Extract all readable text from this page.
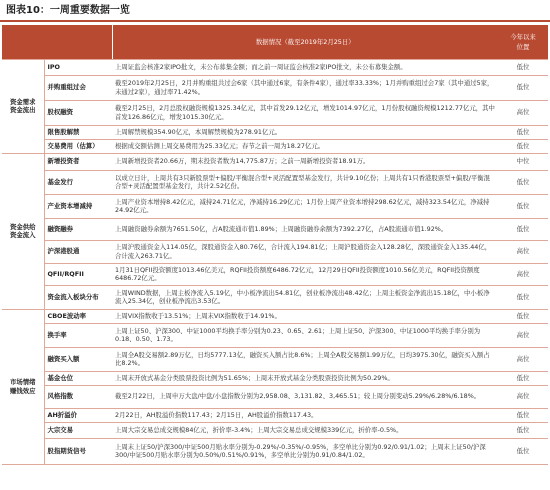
图表10：一周重要数据一览
		数据情况（截至2019年2月25日）	今年以来
位置
资金需求
资金流出	IPO	上周证监会核准2家IPO批文，未公布募集金额；而之前一周证监会核准2家IPO批文，未公布募集金额。	低位
	并购重组过会	截至2019年2月25日，2月并购重组共过会6家（其中通过6家，有条件4家），通过率33.33%；1月并购重组过会7家（其中通过5家，未通过2家），通过率71.42%。	低位
	股权融资	截至2月25日，2月总股权融资规模1325.34亿元，其中首发29.12亿元，增发1014.97亿元，1月份股权融资规模1212.77亿元，其中首发126.86亿元，增发1015.30亿元。	高位
	限售股解禁	上周解禁规模354.90亿元，本周解禁规模为278.91亿元。	低位
	交易费用（估算）	根据成交额估测上周交易费用为25.33亿元；春节之前一周为18.27亿元。	低位
资金供给
资金流入	新增投资者	上周新增投资者20.66万，期末投资者数为14,775.87万；之前一周新增投资者18.91万。	中位
	基金发行	以成立日计，上周共有3只新股票型+偏股/平衡混合型+灵活配置型基金发行，共计9.10亿份；上周共有1只香港股票型+偏股/平衡混合型+灵活配置型基金发行，共计2.52亿份。	低位
	产业资本增减持	上周产业资本增持8.42亿元，减持24.71亿元，净减持16.29亿元；1月份上周产业资本增持298.62亿元，减持323.54亿元，净减持24.92亿元。	低位
	融资融券	上周融资融券余额为7651.50亿，占A股流通市值1.89%；上周融资融券余额为7392.27亿，占A股流通市值1.92%。	低位
	沪深港股通	上周沪股通资金入114.05亿，深股通资金入80.76亿，合计流入194.81亿；上周沪股通资金入128.28亿，深股通资金入135.44亿，合计流入263.71亿。	高位
	QFII/RQFII	1月31日QFII投资额度1013.46亿美元，RQFII投资额度6486.72亿元，12月29日QFII投资额度1010.56亿美元，RQFII投资额度6486.72亿元。	高位
	资金流入板块分布	上周WIND数据，上周主板净流入5.19亿，中小板净流出54.81亿，创业板净流出48.42亿；上周主板资金净流出15.18亿，中小板净流入25.34亿，创业板净流出3.53亿。	低位
市场情绪
赚钱效应	CBOE波动率	上周VIX指数收于13.51%；上周末VIX指数收于14.91%。	低位
	换手率	上周上证50、沪深300、中证1000平均换手率分别为0.23、0.65、2.61；上周上证50、沪深300、中证1000平均换手率分别为0.18、0.50、1.73。	高位
	融资买入额	上周全A股交易额2.89万亿，日均5777.13亿，融资买入额占比8.6%；上周全A股交易额1.99万亿，日均3975.30亿，融资买入额占比8.2%。	高位
	基金仓位	上周末开放式基金分类股票投资比例为51.65%；上周末开放式基金分类股票投资比例为50.29%。	低位
	风格指数	截至2月22日，上周申万大盘/中盘/小盘指数分别为2,958.08、3,131.82、3,465.51；较上周分别变动5.29%/6.28%/6.18%。	高位
	AH折溢价	2月22日，AH股溢价指数117.43；2月15日，AH股溢价指数117.43。	低位
	大宗交易	上周大宗交易总成交规模84亿元，折价率-3.4%；上周大宗交易总成交规模339亿元，折价率-0.5%。	低位
	股指期货信号	上周末上证50/沪深300/中证500月贴水率分别为-0.29%/-0.35%/-0.95%，多空单比分别为0.92/0.91/1.02；上周末上证50/沪深300/中证500月贴水率分别为0.50%/0.51%/0.91%，多空单比分别为0.91/0.84/1.02。	低位
